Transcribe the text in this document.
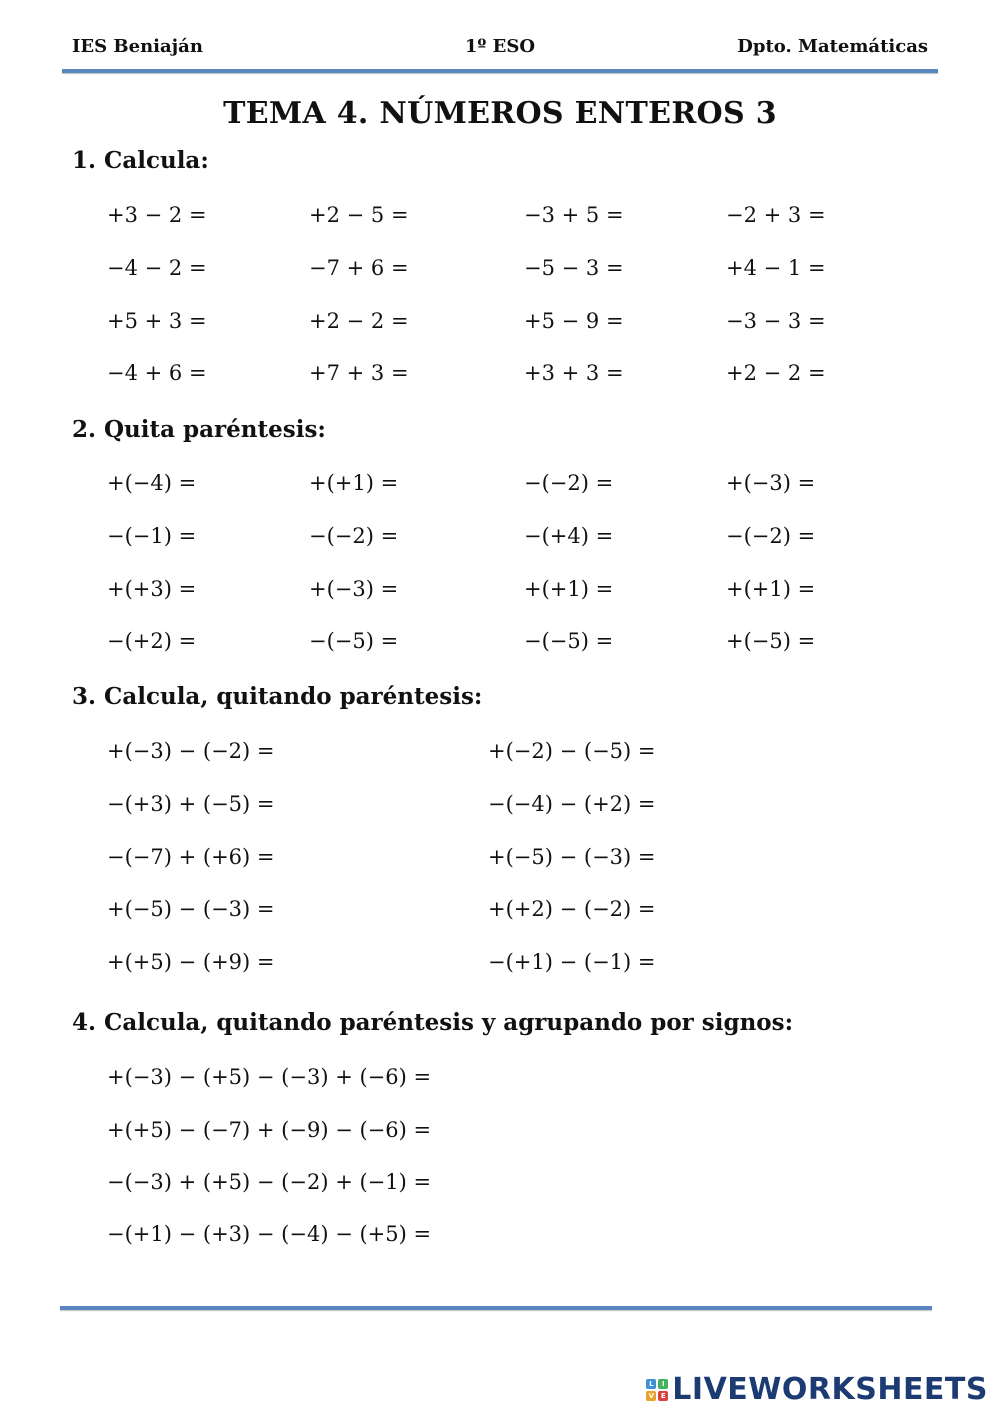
IES Beniaján	1º ESO	Dpto. Matemáticas
TEMA 4. NÚMEROS ENTEROS 3
1. Calcula:
+3 − 2 =	+2 − 5 =	−3 + 5 =	−2 + 3 =
−4 − 2 =	−7 + 6 =	−5 − 3 =	+4 − 1 =
+5 + 3 =	+2 − 2 =	+5 − 9 =	−3 − 3 =
−4 + 6 =	+7 + 3 =	+3 + 3 =	+2 − 2 =
2. Quita paréntesis:
+(−4) =	+(+1) =	−(−2) =	+(−3) =
−(−1) =	−(−2) =	−(+4) =	−(−2) =
+(+3) =	+(−3) =	+(+1) =	+(+1) =
−(+2) =	−(−5) =	−(−5) =	+(−5) =
3. Calcula, quitando paréntesis:
+(−3) − (−2) =	+(−2) − (−5) =
−(+3) + (−5) =	−(−4) − (+2) =
−(−7) + (+6) =	+(−5) − (−3) =
+(−5) − (−3) =	+(+2) − (−2) =
+(+5) − (+9) =	−(+1) − (−1) =
4. Calcula, quitando paréntesis y agrupando por signos:
+(−3) − (+5) − (−3) + (−6) =
+(+5) − (−7) + (−9) − (−6) =
−(−3) + (+5) − (−2) + (−1) =
−(+1) − (+3) − (−4) − (+5) =
L	I
V E LIVEWORKSHEETS
